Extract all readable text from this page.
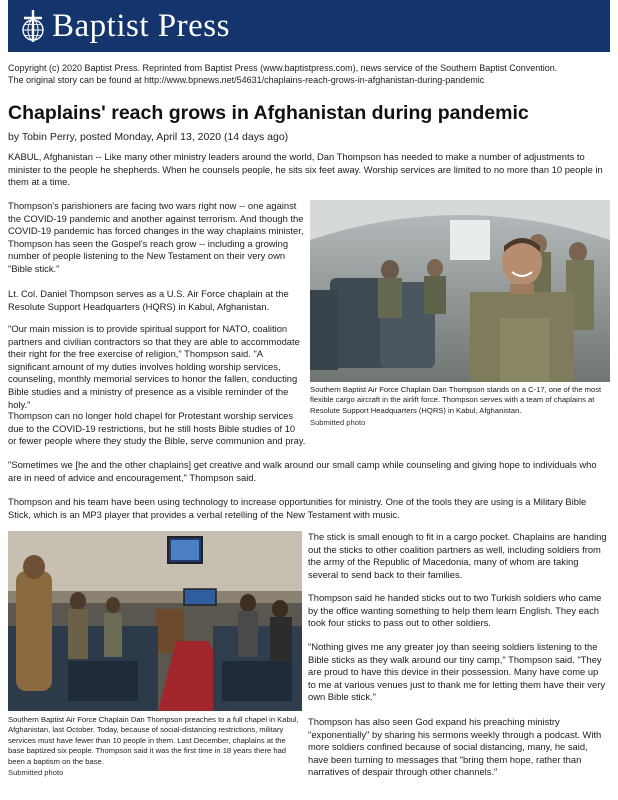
Baptist Press
Copyright (c) 2020 Baptist Press. Reprinted from Baptist Press (www.baptistpress.com), news service of the Southern Baptist Convention.
The original story can be found at http://www.bpnews.net/54631/chaplains-reach-grows-in-afghanistan-during-pandemic
Chaplains' reach grows in Afghanistan during pandemic
by Tobin Perry, posted Monday, April 13, 2020 (14 days ago)

KABUL, Afghanistan -- Like many other ministry leaders around the world, Dan Thompson has needed to make a number of adjustments to minister to the people he shepherds. When he counsels people, he sits six feet away. Worship services are limited to no more than 10 people in them at a time.

Thompson's parishioners are facing two wars right now -- one against the COVID-19 pandemic and another against terrorism. And though the COVID-19 pandemic has forced changes in the way chaplains minister, Thompson has seen the Gospel's reach grow -- including a growing number of people listening to the New Testament on their very own "Bible stick."

Lt. Col. Daniel Thompson serves as a U.S. Air Force chaplain at the Resolute Support Headquarters (HQRS) in Kabul, Afghanistan.

"Our main mission is to provide spiritual support for NATO, coalition partners and civilian contractors so that they are able to accommodate their right for the free exercise of religion," Thompson said. "A significant amount of my duties involves holding worship services, counseling, monthly memorial services to honor the fallen, conducting Bible studies and a ministry of presence as a visible reminder of the holy."

Thompson can no longer hold chapel for Protestant worship services due to the COVID-19 restrictions, but he still hosts Bible studies of 10 or fewer people where they study the Bible, serve communion and pray.

"Sometimes we [he and the other chaplains] get creative and walk around our small camp while counseling and giving hope to individuals who are in need of advice and encouragement," Thompson said.

Thompson and his team have been using technology to increase opportunities for ministry. One of the tools they are using is a Military Bible Stick, which is an MP3 player that provides a verbal retelling of the New Testament with music.

Southern Baptist Air Force Chaplain Dan Thompson stands on a C-17, one of the most flexible cargo aircraft in the airlift force. Thompson serves with a team of chaplains at Resolute Support Headquarters (HQRS) in Kabul, Afghanistan.
Submitted photo
Southern Baptist Air Force Chaplain Dan Thompson preaches to a full chapel in Kabul, Afghanistan, last October. Today, because of social-distancing restrictions, military services must have fewer than 10 people in them. Last December, chaplains at the base baptized six people. Thompson said it was the first time in 18 years there had been a baptism on the base.
Submitted photo

The stick is small enough to fit in a cargo pocket. Chaplains are handing out the sticks to other coalition partners as well, including soldiers from the army of the Republic of Macedonia, many of whom are taking several to send back to their families.

Thompson said he handed sticks out to two Turkish soldiers who came by the office wanting something to help them learn English. They each took four sticks to pass out to other soldiers.

"Nothing gives me any greater joy than seeing soldiers listening to the Bible sticks as they walk around our tiny camp," Thompson said. "They are proud to have this device in their possession. Many have come up to me at various venues just to thank me for letting them have their very own Bible stick."

Thompson has also seen God expand his preaching ministry "exponentially" by sharing his sermons weekly through a podcast. With more soldiers confined because of social distancing, many, he said, have been turning to messages that "bring them hope, rather than narratives of despair through other channels."
